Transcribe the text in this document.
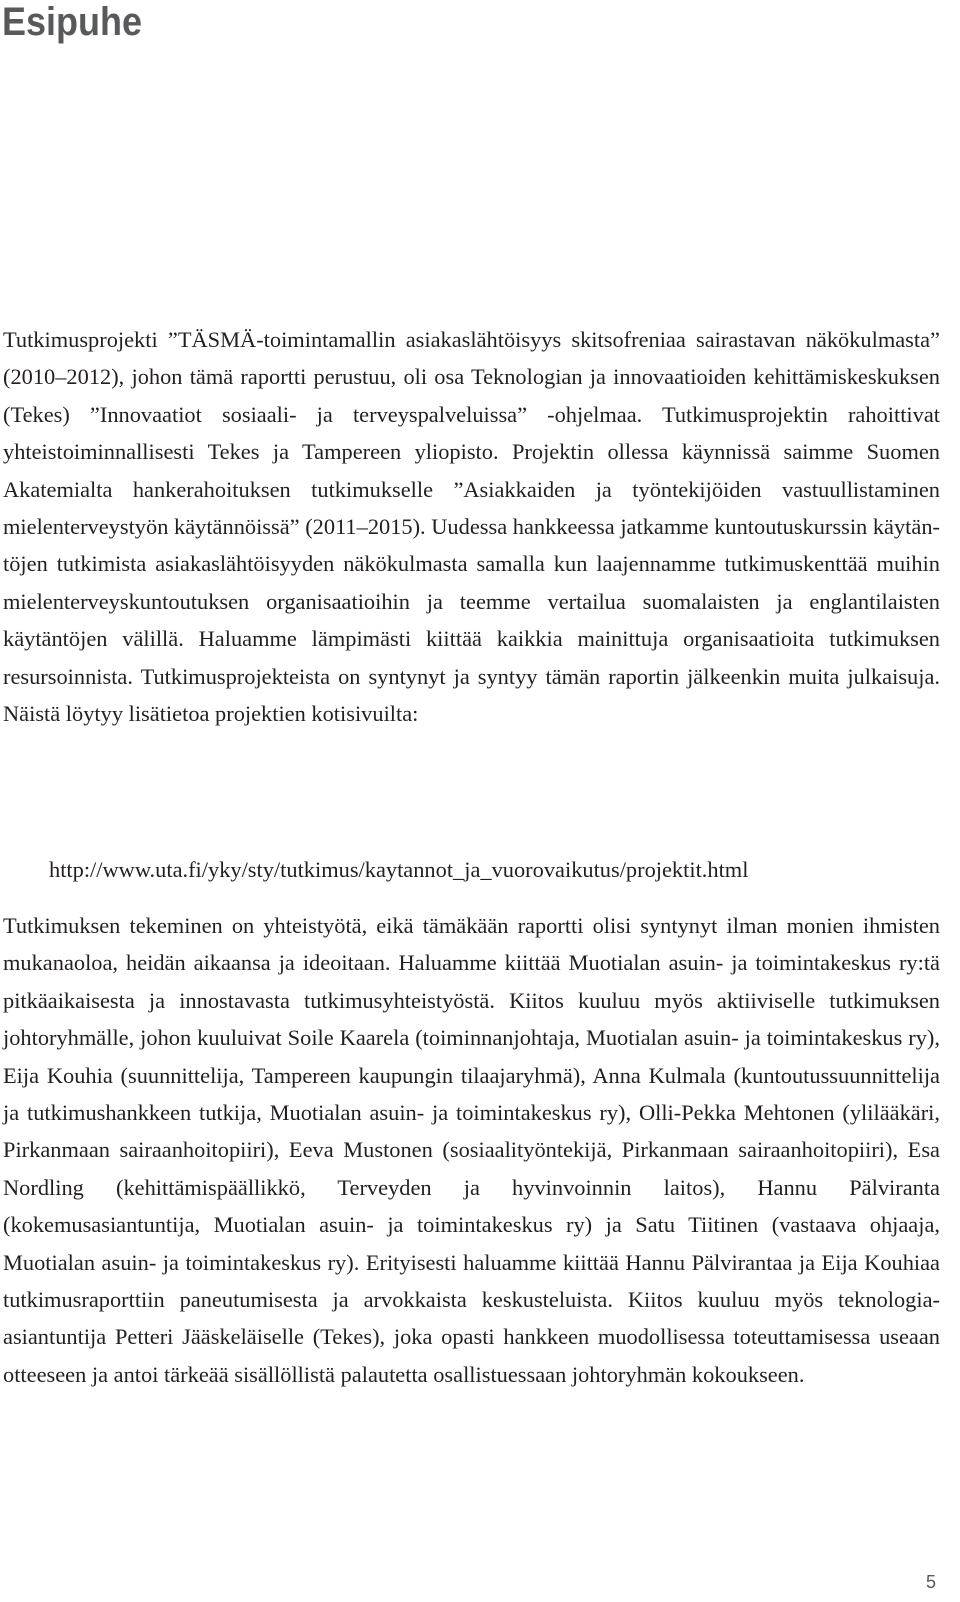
Esipuhe

Tutkimusprojekti ”TÄSMÄ-toimintamallin asiakaslähtöisyys skitsofreniaa sairastavan näkökulmasta” (2010–2012), johon tämä raportti perustuu, oli osa Teknologian ja innovaatioiden kehittämiskeskuksen (Tekes) ”Innovaatiot sosiaali- ja terveyspalveluissa” -ohjelmaa. Tutkimusprojektin rahoittivat yhteistoiminnallisesti Tekes ja Tampereen yliopisto. Projektin ollessa käynnissä saimme Suomen Akatemialta hankerahoituksen tutkimukselle ”Asiakkaiden ja työntekijöiden vastuullistaminen mielenterveystyön käytännöissä” (2011–2015). Uudessa hankkeessa jatkamme kuntoutuskurssin käytäntöjen tutkimista asiakaslähtöisyyden näkökulmasta samalla kun laajennamme tutkimuskenttää muihin mielenterveyskuntoutuksen organisaatioihin ja teemme vertailua suomalaisten ja englantilaisten käytäntöjen välillä. Haluamme lämpimästi kiittää kaikkia mainittuja organisaatioita tutkimuksen resursoinnista. Tutkimusprojekteista on syntynyt ja syntyy tämän raportin jälkeenkin muita julkaisuja. Näistä löytyy lisätietoa projektien kotisivuilta:

http://www.uta.fi/yky/sty/tutkimus/kaytannot_ja_vuorovaikutus/projektit.html

Tutkimuksen tekeminen on yhteistyötä, eikä tämäkään raportti olisi syntynyt ilman monien ihmisten mukanaoloa, heidän aikaansa ja ideoitaan. Haluamme kiittää Muotialan asuin- ja toimintakeskus ry:tä pitkäaikaisesta ja innostavasta tutkimusyhteistyöstä. Kiitos kuuluu myös aktiiviselle tutkimuksen johtoryhmälle, johon kuuluivat Soile Kaarela (toiminnanjohtaja, Muotialan asuin- ja toimintakeskus ry), Eija Kouhia (suunnittelija, Tampereen kaupungin tilaajaryhmä), Anna Kulmala (kuntoutussuunnittelija ja tutkimushankkeen tutkija, Muotialan asuin- ja toimintakeskus ry), Olli-Pekka Mehtonen (ylilääkäri, Pirkanmaan sairaanhoitopiiri), Eeva Mustonen (sosiaalityöntekijä, Pirkanmaan sairaanhoitopiiri), Esa Nordling (kehittämispäällikkö, Terveyden ja hyvinvoinnin laitos), Hannu Pälviranta (kokemusasiantuntija, Muotialan asuin- ja toimintakeskus ry) ja Satu Tiitinen (vastaava ohjaaja, Muotialan asuin- ja toimintakeskus ry). Erityisesti haluamme kiittää Hannu Pälvirantaa ja Eija Kouhiaa tutkimusraporttiin paneutumisesta ja arvokkaista keskusteluista. Kiitos kuuluu myös teknologia-asiantuntija Petteri Jääskeläiselle (Tekes), joka opasti hankkeen muodollisessa toteuttamisessa useaan otteeseen ja antoi tärkeää sisällöllistä palautetta osallistuessaan johtoryhmän kokoukseen.

5
